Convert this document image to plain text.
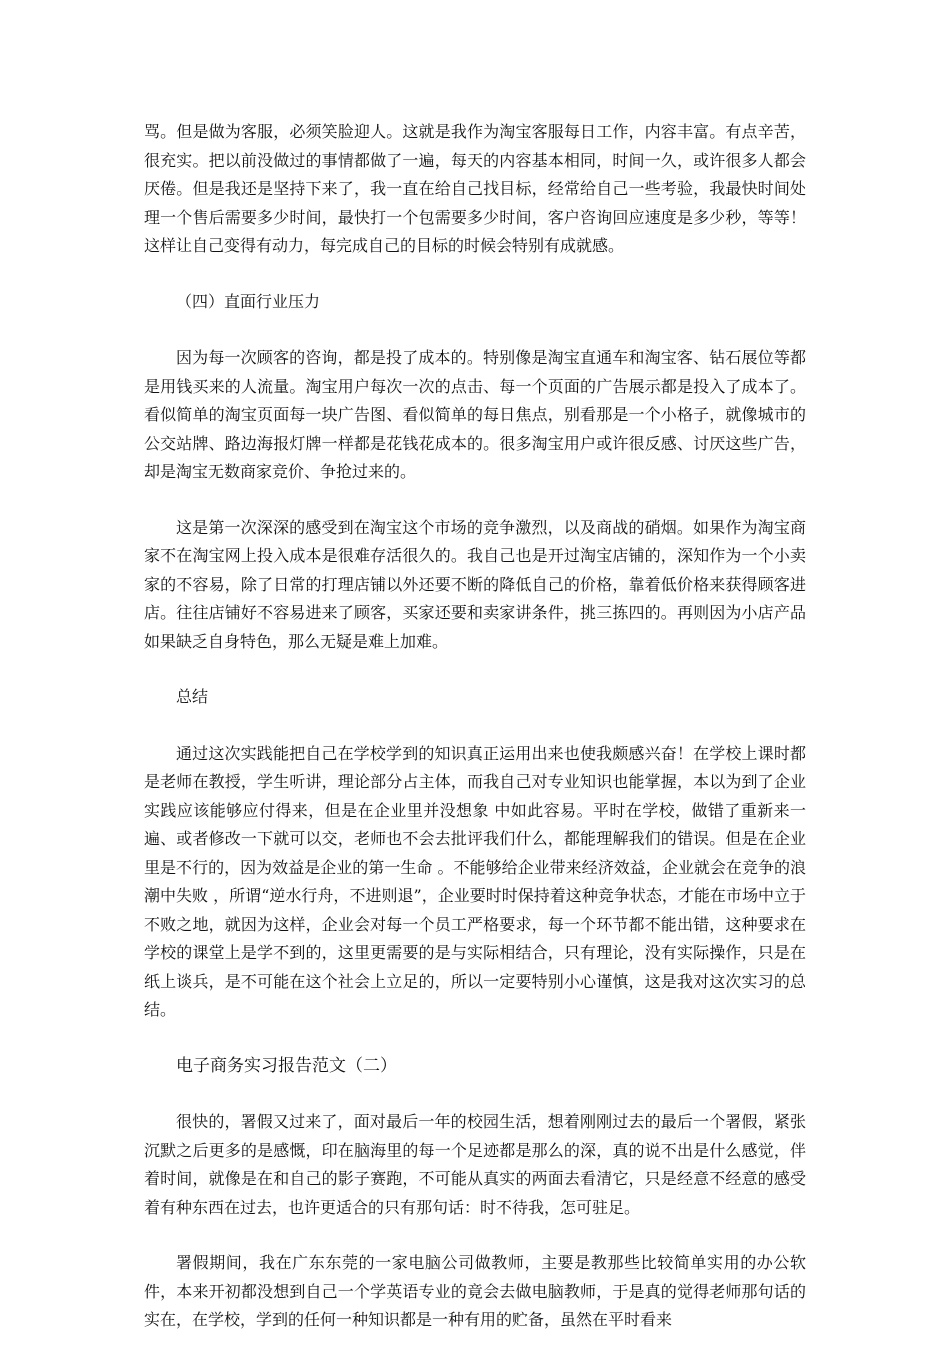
骂。但是做为客服，必须笑脸迎人。这就是我作为淘宝客服每日工作，内容丰富。有点辛苦，很充实。把以前没做过的事情都做了一遍，每天的内容基本相同，时间一久，或许很多人都会厌倦。但是我还是坚持下来了，我一直在给自己找目标，经常给自己一些考验，我最快时间处理一个售后需要多少时间，最快打一个包需要多少时间，客户咨询回应速度是多少秒，等等！这样让自己变得有动力，每完成自己的目标的时候会特别有成就感。

（四）直面行业压力

因为每一次顾客的咨询，都是投了成本的。特别像是淘宝直通车和淘宝客、钻石展位等都是用钱买来的人流量。淘宝用户每次一次的点击、每一个页面的广告展示都是投入了成本了。看似简单的淘宝页面每一块广告图、看似简单的每日焦点，别看那是一个小格子，就像城市的公交站牌、路边海报灯牌一样都是花钱花成本的。很多淘宝用户或许很反感、讨厌这些广告，却是淘宝无数商家竞价、争抢过来的。

这是第一次深深的感受到在淘宝这个市场的竞争激烈，以及商战的硝烟。如果作为淘宝商家不在淘宝网上投入成本是很难存活很久的。我自己也是开过淘宝店铺的，深知作为一个小卖家的不容易，除了日常的打理店铺以外还要不断的降低自己的价格，靠着低价格来获得顾客进店。往往店铺好不容易进来了顾客，买家还要和卖家讲条件，挑三拣四的。再则因为小店产品如果缺乏自身特色，那么无疑是难上加难。

总结

通过这次实践能把自己在学校学到的知识真正运用出来也使我颇感兴奋！在学校上课时都是老师在教授，学生听讲，理论部分占主体，而我自己对专业知识也能掌握，本以为到了企业实践应该能够应付得来，但是在企业里并没想象 中如此容易。平时在学校，做错了重新来一遍、或者修改一下就可以交，老师也不会去批评我们什么，都能理解我们的错误。但是在企业里是不行的，因为效益是企业的第一生命 。不能够给企业带来经济效益，企业就会在竞争的浪潮中失败 ，所谓“逆水行舟，不进则退”，企业要时时保持着这种竞争状态，才能在市场中立于不败之地，就因为这样，企业会对每一个员工严格要求，每一个环节都不能出错，这种要求在学校的课堂上是学不到的，这里更需要的是与实际相结合，只有理论，没有实际操作，只是在纸上谈兵，是不可能在这个社会上立足的，所以一定要特别小心谨慎，这是我对这次实习的总结。

电子商务实习报告范文（二）

很快的，署假又过来了，面对最后一年的校园生活，想着刚刚过去的最后一个署假，紧张沉默之后更多的是感慨，印在脑海里的每一个足迹都是那么的深，真的说不出是什么感觉，伴着时间，就像是在和自己的影子赛跑，不可能从真实的两面去看清它，只是经意不经意的感受着有种东西在过去，也许更适合的只有那句话：时不待我，怎可驻足。

署假期间，我在广东东莞的一家电脑公司做教师，主要是教那些比较简单实用的办公软件，本来开初都没想到自己一个学英语专业的竟会去做电脑教师，于是真的觉得老师那句话的实在，在学校，学到的任何一种知识都是一种有用的贮备，虽然在平时看来
